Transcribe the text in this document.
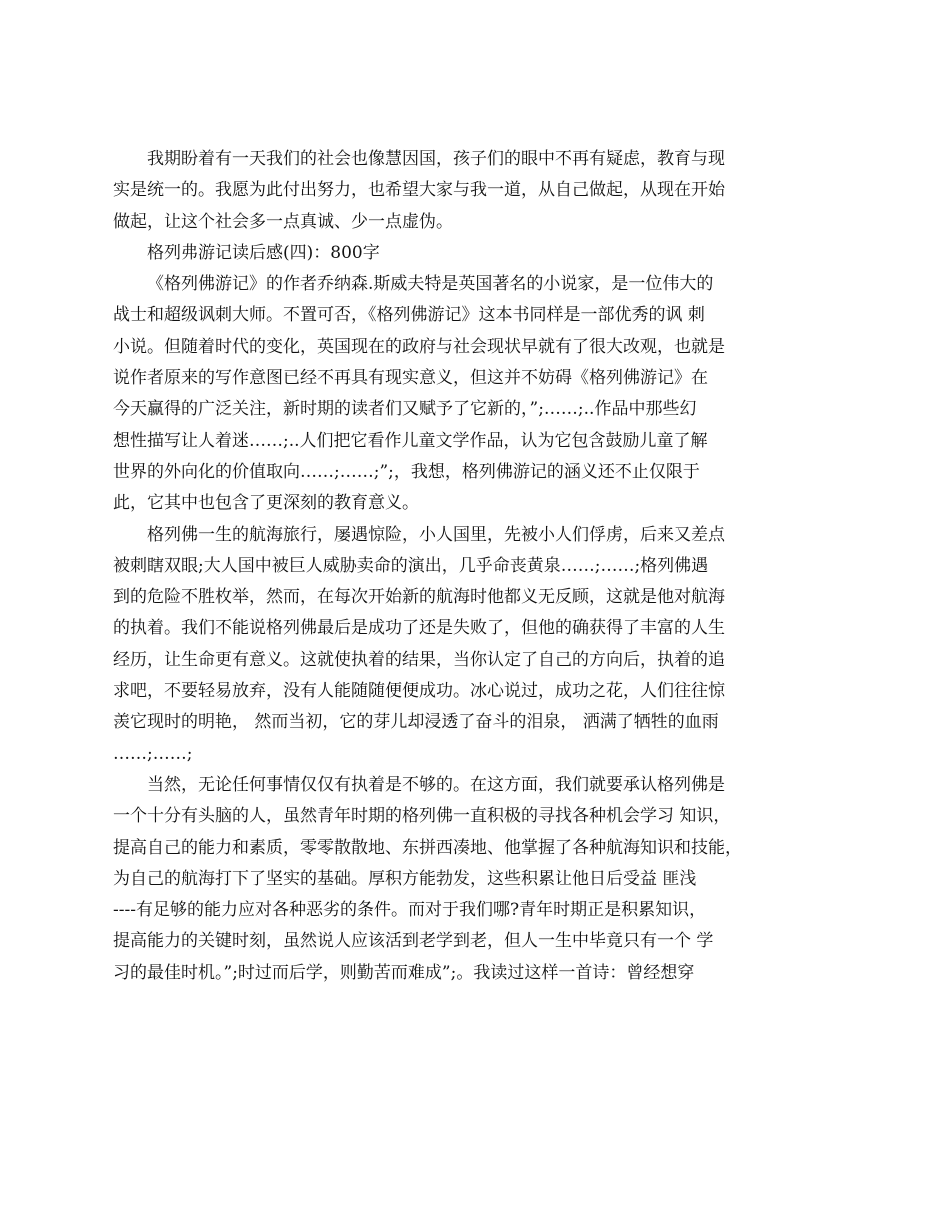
我期盼着有一天我们的社会也像慧因国，孩子们的眼中不再有疑虑，教育与现
实是统一的。我愿为此付出努力，也希望大家与我一道，从自己做起，从现在开始
做起，让这个社会多一点真诚、少一点虚伪。
格列弗游记读后感(四)：800字
《格列佛游记》的作者乔纳森.斯威夫特是英国著名的小说家，是一位伟大的
战士和超级讽刺大师。不置可否，《格列佛游记》这本书同样是一部优秀的讽 刺
小说。但随着时代的变化，英国现在的政府与社会现状早就有了很大改观，也就是
说作者原来的写作意图已经不再具有现实意义，但这并不妨碍《格列佛游记》在
今天赢得的广泛关注，新时期的读者们又赋予了它新的，”;……;..作品中那些幻
想性描写让人着迷……;..人们把它看作儿童文学作品，认为它包含鼓励儿童了解
世界的外向化的价值取向……;……;”;，我想，格列佛游记的涵义还不止仅限于
此，它其中也包含了更深刻的教育意义。
格列佛一生的航海旅行，屡遇惊险，小人国里，先被小人们俘虏，后来又差点
被刺瞎双眼;大人国中被巨人威胁卖命的演出，几乎命丧黄泉……;……;格列佛遇
到的危险不胜枚举，然而，在每次开始新的航海时他都义无反顾，这就是他对航海
的执着。我们不能说格列佛最后是成功了还是失败了，但他的确获得了丰富的人生
经历，让生命更有意义。这就使执着的结果，当你认定了自己的方向后，执着的追
求吧，不要轻易放弃，没有人能随随便便成功。冰心说过，成功之花，人们往往惊
羡它现时的明艳， 然而当初，它的芽儿却浸透了奋斗的泪泉， 洒满了牺牲的血雨
……;……;
当然，无论任何事情仅仅有执着是不够的。在这方面，我们就要承认格列佛是
一个十分有头脑的人，虽然青年时期的格列佛一直积极的寻找各种机会学习 知识，
提高自己的能力和素质，零零散散地、东拼西凑地、他掌握了各种航海知识和技能，
为自己的航海打下了坚实的基础。厚积方能勃发，这些积累让他日后受益 匪浅
----有足够的能力应对各种恶劣的条件。而对于我们哪?青年时期正是积累知识，
提高能力的关键时刻，虽然说人应该活到老学到老，但人一生中毕竟只有一个 学
习的最佳时机。”;时过而后学，则勤苦而难成”;。我读过这样一首诗：曾经想穿
